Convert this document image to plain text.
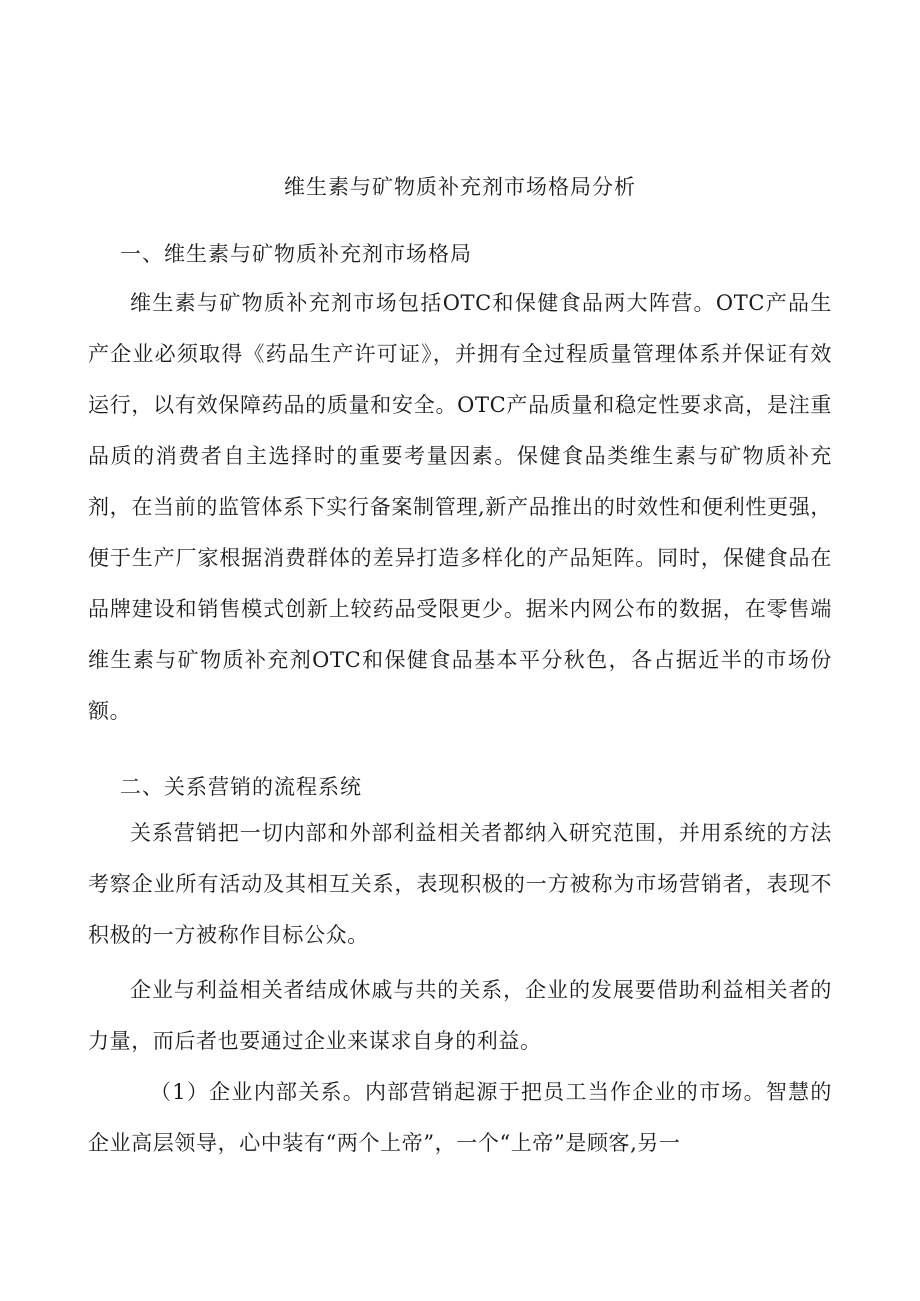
维生素与矿物质补充剂市场格局分析
一、维生素与矿物质补充剂市场格局

维生素与矿物质补充剂市场包括OTC和保健食品两大阵营。OTC产品生产企业必须取得《药品生产许可证》，并拥有全过程质量管理体系并保证有效运行，以有效保障药品的质量和安全。OTC产品质量和稳定性要求高，是注重品质的消费者自主选择时的重要考量因素。保健食品类维生素与矿物质补充剂，在当前的监管体系下实行备案制管理,新产品推出的时效性和便利性更强，便于生产厂家根据消费群体的差异打造多样化的产品矩阵。同时，保健食品在品牌建设和销售模式创新上较药品受限更少。据米内网公布的数据，在零售端维生素与矿物质补充剂OTC和保健食品基本平分秋色，各占据近半的市场份额。

二、关系营销的流程系统

关系营销把一切内部和外部利益相关者都纳入研究范围，并用系统的方法考察企业所有活动及其相互关系，表现积极的一方被称为市场营销者，表现不积极的一方被称作目标公众。

企业与利益相关者结成休戚与共的关系，企业的发展要借助利益相关者的力量，而后者也要通过企业来谋求自身的利益。

（1）企业内部关系。内部营销起源于把员工当作企业的市场。智慧的企业高层领导，心中装有“两个上帝”，一个“上帝”是顾客,另一
